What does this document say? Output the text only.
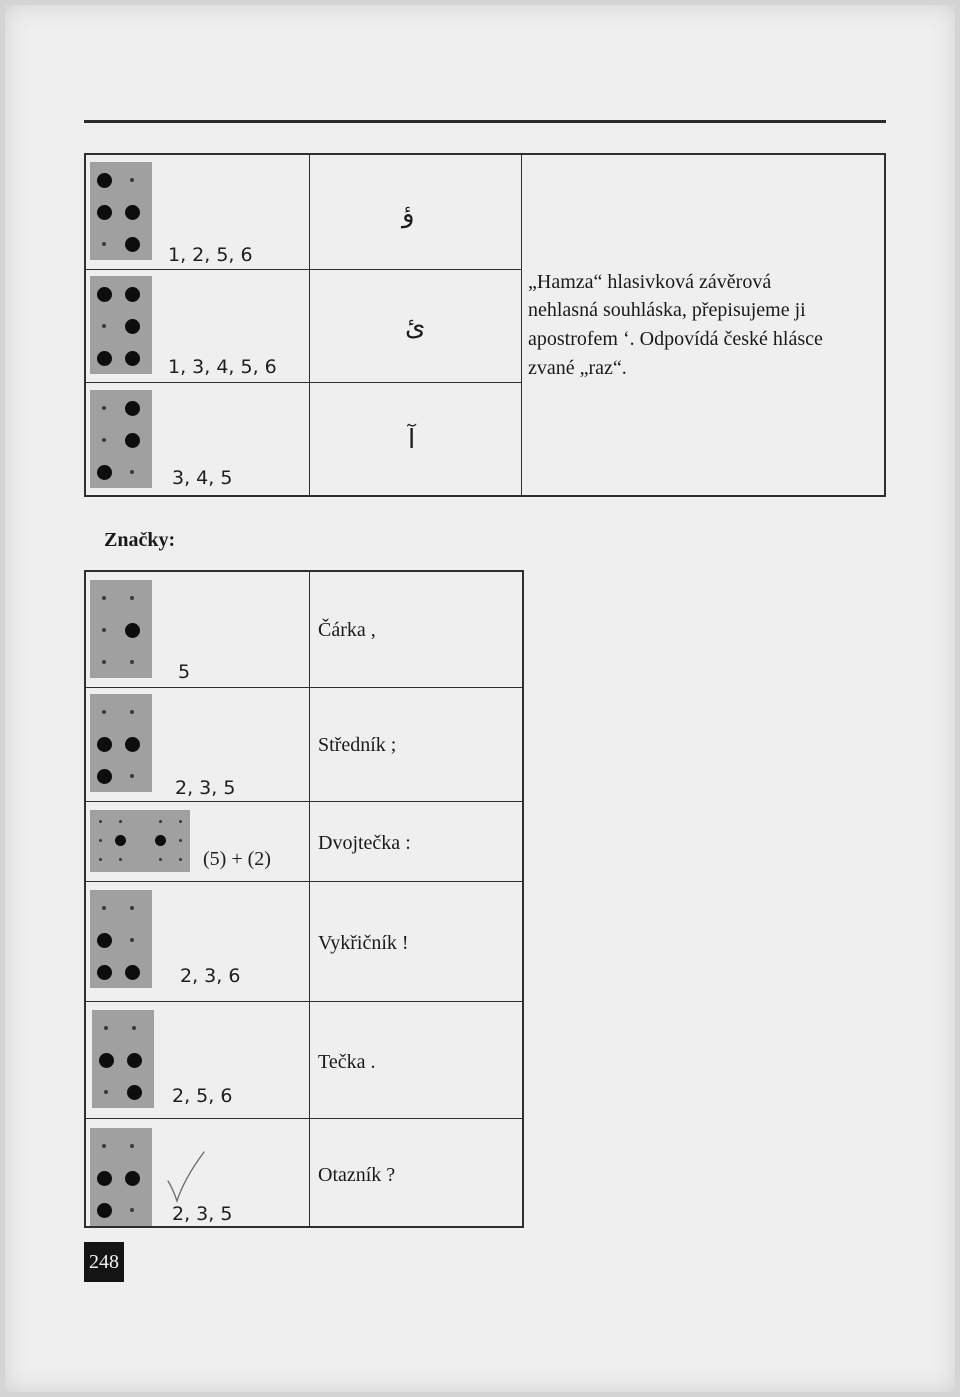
1, 2, 5, 6
ؤ
1, 3, 4, 5, 6
ئ
3, 4, 5
آ
„Hamza“ hlasivková závěrová
nehlasná souhláska, přepisujeme ji
apostrofem ‘. Odpovídá české hlásce
zvané „raz“.
Značky:
5
Čárka ,
2, 3, 5
Středník ;
(5) + (2)
Dvojtečka :
2, 3, 6
Vykřičník !
2, 5, 6
Tečka .
2, 3, 5
Otazník ?
248
